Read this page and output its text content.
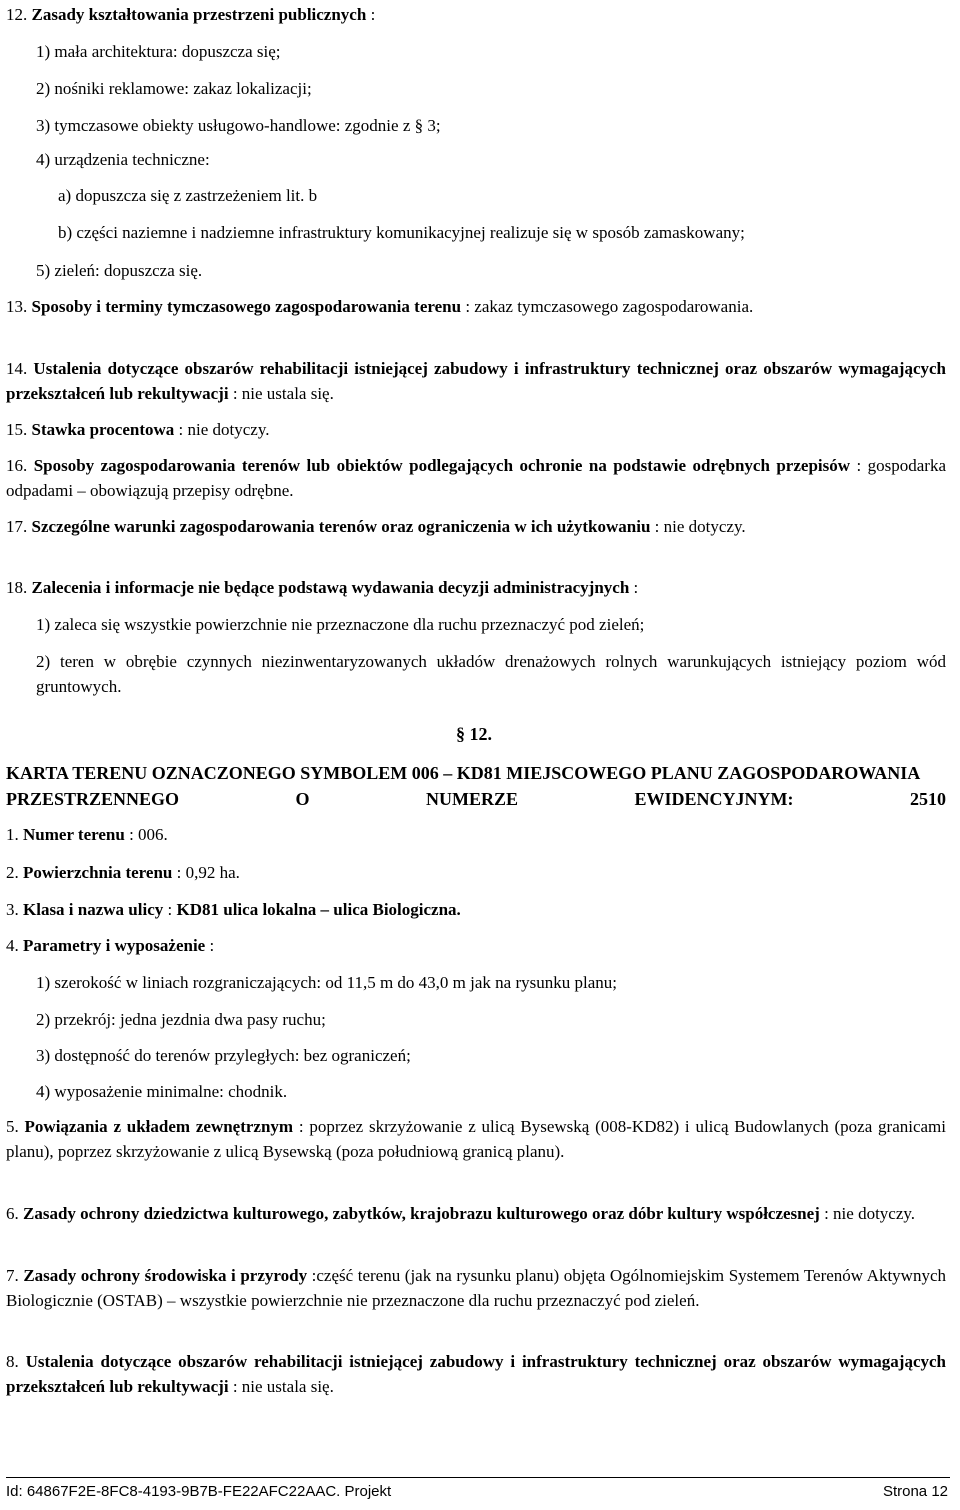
12. Zasady kształtowania przestrzeni publicznych :

1) mała architektura: dopuszcza się;

2) nośniki reklamowe: zakaz lokalizacji;

3) tymczasowe obiekty usługowo-handlowe: zgodnie z § 3;

4) urządzenia techniczne:

a) dopuszcza się z zastrzeżeniem lit. b

b) części naziemne i nadziemne infrastruktury komunikacyjnej realizuje się w sposób zamaskowany;

5) zieleń: dopuszcza się.

13. Sposoby i terminy tymczasowego zagospodarowania terenu : zakaz tymczasowego zagospodarowania.

14. Ustalenia dotyczące obszarów rehabilitacji istniejącej zabudowy i infrastruktury technicznej oraz obszarów wymagających przekształceń lub rekultywacji : nie ustala się.

15. Stawka procentowa : nie dotyczy.

16. Sposoby zagospodarowania terenów lub obiektów podlegających ochronie na podstawie odrębnych przepisów : gospodarka odpadami – obowiązują przepisy odrębne.

17. Szczególne warunki zagospodarowania terenów oraz ograniczenia w ich użytkowaniu : nie dotyczy.

18. Zalecenia i informacje nie będące podstawą wydawania decyzji administracyjnych :

1) zaleca się wszystkie powierzchnie nie przeznaczone dla ruchu przeznaczyć pod zieleń;

2) teren w obrębie czynnych niezinwentaryzowanych układów drenażowych rolnych warunkujących istniejący poziom wód gruntowych.

§ 12.
KARTA TERENU OZNACZONEGO SYMBOLEM 006 – KD81 MIEJSCOWEGO PLANU ZAGOSPODAROWANIA PRZESTRZENNEGO O NUMERZE EWIDENCYJNYM: 2510

1. Numer terenu : 006.

2. Powierzchnia terenu : 0,92 ha.

3. Klasa i nazwa ulicy : KD81 ulica lokalna – ulica Biologiczna.

4. Parametry i wyposażenie :

1) szerokość w liniach rozgraniczających: od 11,5 m do 43,0 m jak na rysunku planu;

2) przekrój: jedna jezdnia dwa pasy ruchu;

3) dostępność do terenów przyległych: bez ograniczeń;

4) wyposażenie minimalne: chodnik.

5. Powiązania z układem zewnętrznym : poprzez skrzyżowanie z ulicą Bysewską (008-KD82) i ulicą Budowlanych (poza granicami planu), poprzez skrzyżowanie z ulicą Bysewską (poza południową granicą planu).

6. Zasady ochrony dziedzictwa kulturowego, zabytków, krajobrazu kulturowego oraz dóbr kultury współczesnej : nie dotyczy.

7. Zasady ochrony środowiska i przyrody :część terenu (jak na rysunku planu) objęta Ogólnomiejskim Systemem Terenów Aktywnych Biologicznie (OSTAB) – wszystkie powierzchnie nie przeznaczone dla ruchu przeznaczyć pod zieleń.

8. Ustalenia dotyczące obszarów rehabilitacji istniejącej zabudowy i infrastruktury technicznej oraz obszarów wymagających przekształceń lub rekultywacji : nie ustala się.

Id: 64867F2E-8FC8-4193-9B7B-FE22AFC22AAC. Projekt	Strona 12
